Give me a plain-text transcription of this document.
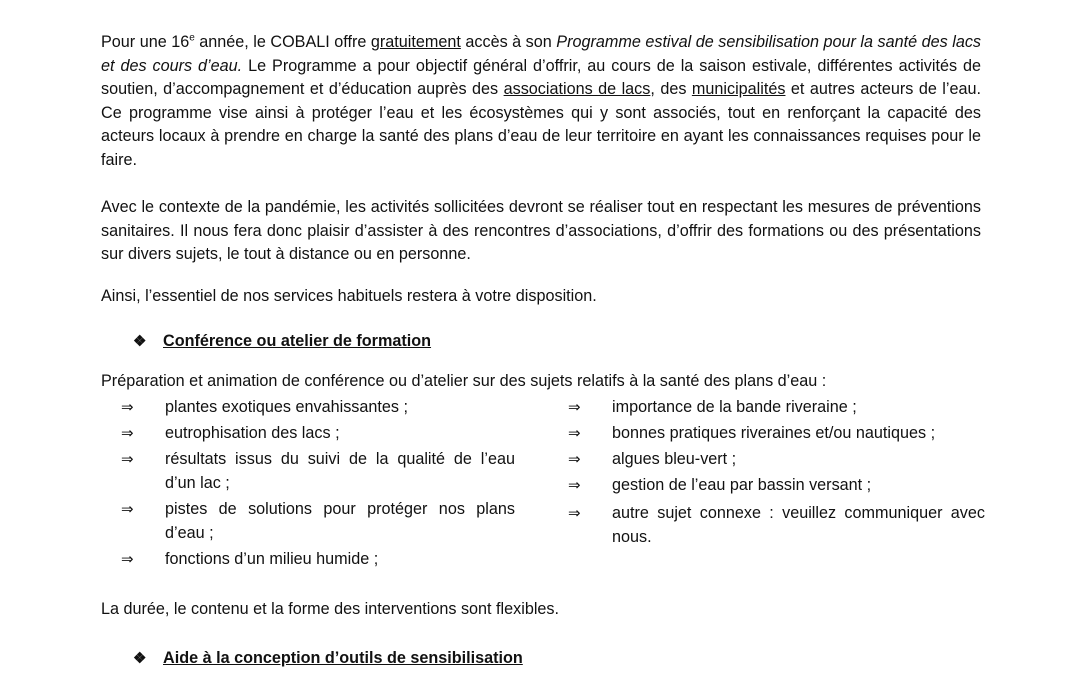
Pour une 16e année, le COBALI offre gratuitement accès à son Programme estival de sensibilisation pour la santé des lacs et des cours d’eau. Le Programme a pour objectif général d’offrir, au cours de la saison estivale, différentes activités de soutien, d’accompagnement et d’éducation auprès des associations de lacs, des municipalités et autres acteurs de l’eau. Ce programme vise ainsi à protéger l’eau et les écosystèmes qui y sont associés, tout en renforçant la capacité des acteurs locaux à prendre en charge la santé des plans d’eau de leur territoire en ayant les connaissances requises pour le faire.

Avec le contexte de la pandémie, les activités sollicitées devront se réaliser tout en respectant les mesures de préventions sanitaires. Il nous fera donc plaisir d’assister à des rencontres d’associations, d’offrir des formations ou des présentations sur divers sujets, le tout à distance ou en personne.

Ainsi, l’essentiel de nos services habituels restera à votre disposition.

❖	Conférence ou atelier de formation

Préparation et animation de conférence ou d’atelier sur des sujets relatifs à la santé des plans d’eau :

⇒	plantes exotiques envahissantes ;
⇒	eutrophisation des lacs ;
⇒	résultats issus du suivi de la qualité de l’eau d’un lac ;
⇒	pistes de solutions pour protéger nos plans d’eau ;
⇒	fonctions d’un milieu humide ;
⇒	importance de la bande riveraine ;
⇒	bonnes pratiques riveraines et/ou nautiques ;
⇒	algues bleu-vert ;
⇒	gestion de l’eau par bassin versant ;
⇒	autre sujet connexe : veuillez communiquer avec nous.

La durée, le contenu et la forme des interventions sont flexibles.

❖	Aide à la conception d’outils de sensibilisation
